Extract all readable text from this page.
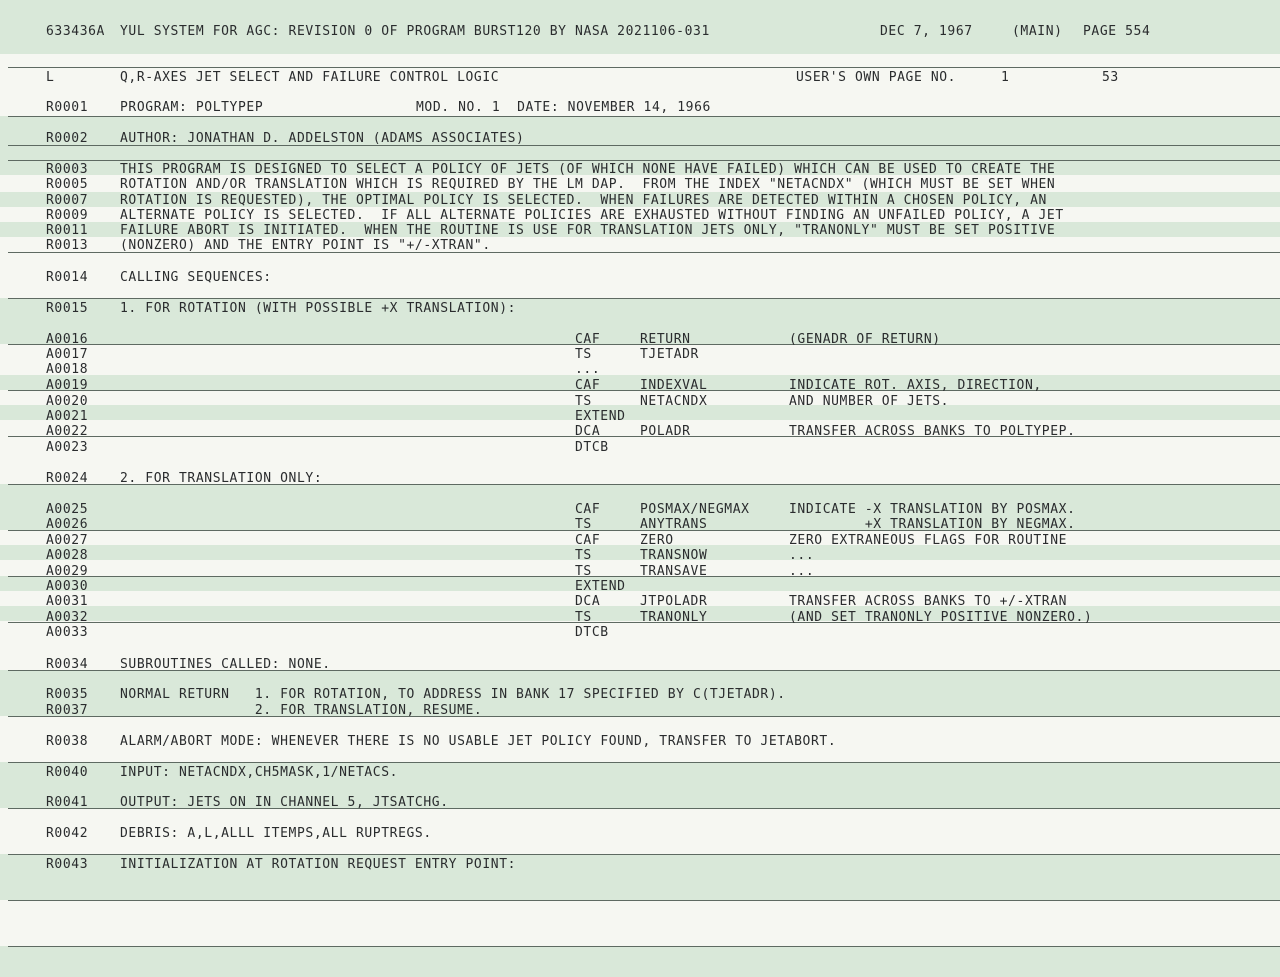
633436A YUL SYSTEM FOR AGC: REVISION 0 OF PROGRAM BURST120 BY NASA 2021106-031	DEC 7, 1967	(MAIN) PAGE 554
L	Q,R-AXES JET SELECT AND FAILURE CONTROL LOGIC	USER'S OWN PAGE NO.	1	53
R0001 PROGRAM: POLTYPEP	MOD. NO. 1  DATE: NOVEMBER 14, 1966
R0002 AUTHOR: JONATHAN D. ADDELSTON (ADAMS ASSOCIATES)
R0003 THIS PROGRAM IS DESIGNED TO SELECT A POLICY OF JETS (OF WHICH NONE HAVE FAILED) WHICH CAN BE USED TO CREATE THE
R0005 ROTATION AND/OR TRANSLATION WHICH IS REQUIRED BY THE LM DAP.  FROM THE INDEX "NETACNDX" (WHICH MUST BE SET WHEN
R0007 ROTATION IS REQUESTED), THE OPTIMAL POLICY IS SELECTED.  WHEN FAILURES ARE DETECTED WITHIN A CHOSEN POLICY, AN
R0009 ALTERNATE POLICY IS SELECTED.  IF ALL ALTERNATE POLICIES ARE EXHAUSTED WITHOUT FINDING AN UNFAILED POLICY, A JET
R0011 FAILURE ABORT IS INITIATED.  WHEN THE ROUTINE IS USE FOR TRANSLATION JETS ONLY, "TRANONLY" MUST BE SET POSITIVE
R0013 (NONZERO) AND THE ENTRY POINT IS "+/-XTRAN".
R0014 CALLING SEQUENCES:
R0015 1. FOR ROTATION (WITH POSSIBLE +X TRANSLATION):
A0016	CAF	RETURN	(GENADR OF RETURN)
A0017	TS	TJETADR
A0018	...
A0019	CAF	INDEXVAL	INDICATE ROT. AXIS, DIRECTION,
A0020	TS	NETACNDX	AND NUMBER OF JETS.
A0021	EXTEND
A0022	DCA	POLADR	TRANSFER ACROSS BANKS TO POLTYPEP.
A0023	DTCB
R0024 2. FOR TRANSLATION ONLY:
A0025	CAF	POSMAX/NEGMAX	INDICATE -X TRANSLATION BY POSMAX.
A0026	TS	ANYTRANS	+X TRANSLATION BY NEGMAX.
A0027	CAF	ZERO	ZERO EXTRANEOUS FLAGS FOR ROUTINE
A0028	TS	TRANSNOW	...
A0029	TS	TRANSAVE	...
A0030	EXTEND
A0031	DCA	JTPOLADR	TRANSFER ACROSS BANKS TO +/-XTRAN
A0032	TS	TRANONLY	(AND SET TRANONLY POSITIVE NONZERO.)
A0033	DTCB
R0034 SUBROUTINES CALLED: NONE.
R0035 NORMAL RETURN   1. FOR ROTATION, TO ADDRESS IN BANK 17 SPECIFIED BY C(TJETADR).
R0037 2. FOR TRANSLATION, RESUME.
R0038 ALARM/ABORT MODE: WHENEVER THERE IS NO USABLE JET POLICY FOUND, TRANSFER TO JETABORT.
R0040 INPUT: NETACNDX,CH5MASK,1/NETACS.
R0041 OUTPUT: JETS ON IN CHANNEL 5, JTSATCHG.
R0042 DEBRIS: A,L,ALLL ITEMPS,ALL RUPTREGS.
R0043 INITIALIZATION AT ROTATION REQUEST ENTRY POINT:
